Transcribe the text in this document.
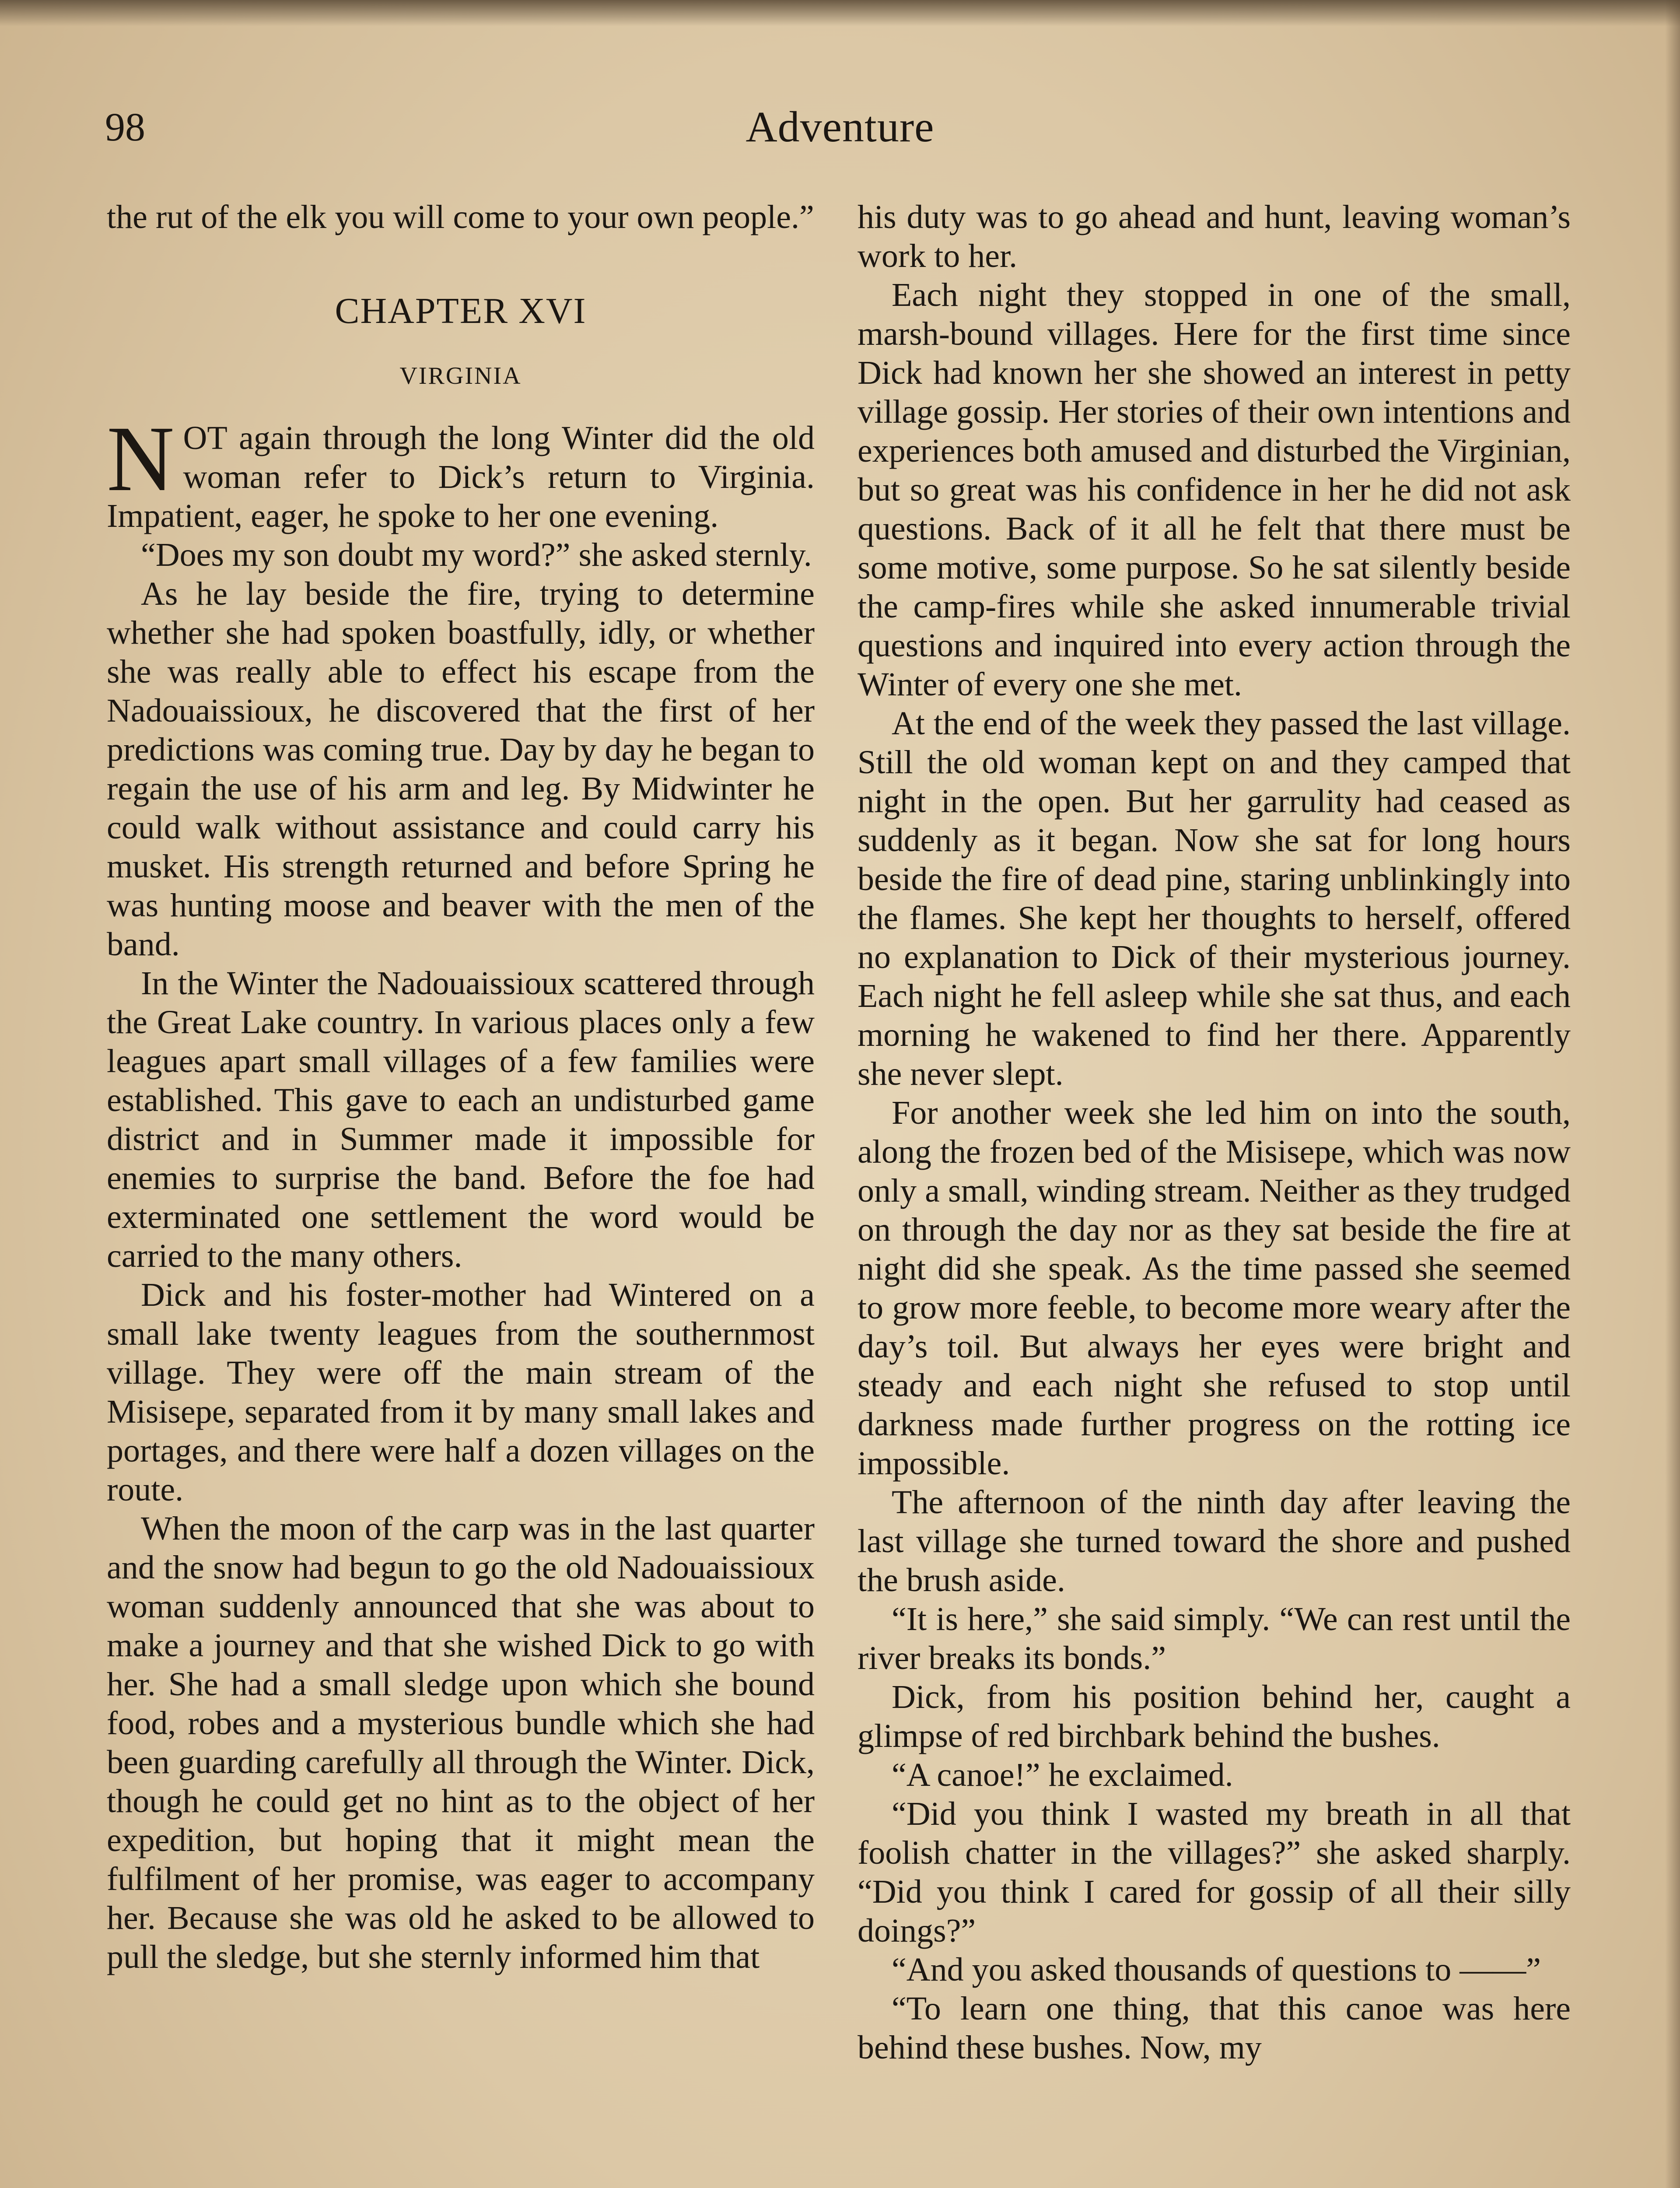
98	Adventure

the rut of the elk you will come to your own people.”

CHAPTER XVI
VIRGINIA

NOT again through the long Winter did the old woman refer to Dick’s return to Virginia. Impatient, eager, he spoke to her one evening.

“Does my son doubt my word?” she asked sternly.

As he lay beside the fire, trying to determine whether she had spoken boastfully, idly, or whether she was really able to effect his escape from the Nadouaissioux, he discovered that the first of her predictions was coming true. Day by day he began to regain the use of his arm and leg. By Midwinter he could walk without assistance and could carry his musket. His strength returned and before Spring he was hunting moose and beaver with the men of the band.

In the Winter the Nadouaissioux scattered through the Great Lake country. In various places only a few leagues apart small villages of a few families were established. This gave to each an undisturbed game district and in Summer made it impossible for enemies to surprise the band. Before the foe had exterminated one settlement the word would be carried to the many others.

Dick and his foster-mother had Wintered on a small lake twenty leagues from the southernmost village. They were off the main stream of the Misisepe, separated from it by many small lakes and portages, and there were half a dozen villages on the route.

When the moon of the carp was in the last quarter and the snow had begun to go the old Nadouaissioux woman suddenly announced that she was about to make a journey and that she wished Dick to go with her. She had a small sledge upon which she bound food, robes and a mysterious bundle which she had been guarding carefully all through the Winter. Dick, though he could get no hint as to the object of her expedition, but hoping that it might mean the fulfilment of her promise, was eager to accompany her. Because she was old he asked to be allowed to pull the sledge, but she sternly informed him that

his duty was to go ahead and hunt, leaving woman’s work to her.

Each night they stopped in one of the small, marsh-bound villages. Here for the first time since Dick had known her she showed an interest in petty village gossip. Her stories of their own intentions and experiences both amused and disturbed the Virginian, but so great was his confidence in her he did not ask questions. Back of it all he felt that there must be some motive, some purpose. So he sat silently beside the camp-fires while she asked innumerable trivial questions and inquired into every action through the Winter of every one she met.

At the end of the week they passed the last village. Still the old woman kept on and they camped that night in the open. But her garrulity had ceased as suddenly as it began. Now she sat for long hours beside the fire of dead pine, staring unblinkingly into the flames. She kept her thoughts to herself, offered no explanation to Dick of their mysterious journey. Each night he fell asleep while she sat thus, and each morning he wakened to find her there. Apparently she never slept.

For another week she led him on into the south, along the frozen bed of the Misisepe, which was now only a small, winding stream. Neither as they trudged on through the day nor as they sat beside the fire at night did she speak. As the time passed she seemed to grow more feeble, to become more weary after the day’s toil. But always her eyes were bright and steady and each night she refused to stop until darkness made further progress on the rotting ice impossible.

The afternoon of the ninth day after leaving the last village she turned toward the shore and pushed the brush aside.

“It is here,” she said simply. “We can rest until the river breaks its bonds.”

Dick, from his position behind her, caught a glimpse of red birchbark behind the bushes.

“A canoe!” he exclaimed.

“Did you think I wasted my breath in all that foolish chatter in the villages?” she asked sharply. “Did you think I cared for gossip of all their silly doings?”

“And you asked thousands of questions to ——”

“To learn one thing, that this canoe was here behind these bushes. Now, my
